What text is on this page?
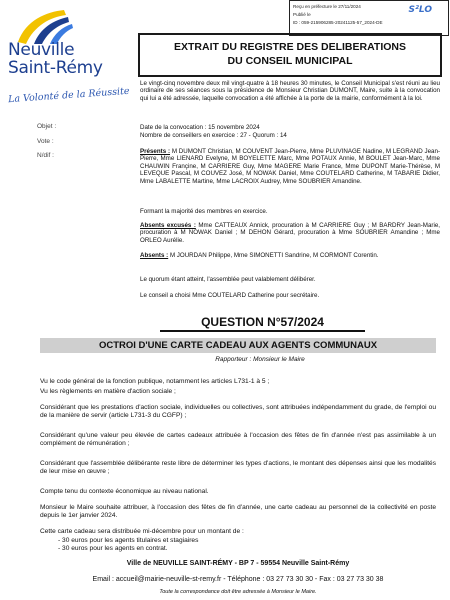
Reçu en préfecture le 27/11/2024
Publié le
ID : 059-215906285-20241125-57_2024-DE
S²LO
Neuville
Saint-Rémy
La Volonté de la Réussite
EXTRAIT DU REGISTRE DES DELIBERATIONS
DU CONSEIL MUNICIPAL
Objet :
Vote :
N/dif :
Le vingt-cinq novembre deux mil vingt-quatre à 18 heures 30 minutes, le Conseil Municipal s'est réuni au lieu ordinaire de ses séances sous la présidence de Monsieur Christian DUMONT, Maire, suite à la convocation qui lui a été adressée, laquelle convocation a été affichée à la porte de la mairie, conformément à la loi.
Date de la convocation : 15 novembre 2024
Nombre de conseillers en exercice : 27 - Quorum : 14
Présents : M DUMONT Christian, M COUVENT Jean-Pierre, Mme PLUVINAGE Nadine, M LEGRAND Jean-Pierre, Mme LIENARD Evelyne, M BOYELETTE Marc, Mme POTAUX Annie, M BOULET Jean-Marc, Mme CHAUWIN Françine, M CARRIERE Guy, Mme MAGERE Marie France, Mme DUPONT Marie-Thérèse, M LEVEQUE Pascal, M COUVEZ José, M NOWAK Daniel, Mme COUTELARD Catherine, M TABARIE Didier, Mme LABALETTE Martine, Mme LACROIX Audrey, Mme SOUBRIER Amandine.
Formant la majorité des membres en exercice.
Absents excusés : Mme CATTEAUX Annick, procuration à M CARRIERE Guy ; M BARDRY Jean-Marie, procuration à M NOWAK Daniel ; M DEHON Gérard, procuration à Mme SOUBRIER Amandine ; Mme ORLEO Aurélie.
Absents : M JOURDAN Philippe, Mme SIMONETTI Sandrine, M CORMONT Corentin.
Le quorum étant atteint, l'assemblée peut valablement délibérer.
Le conseil a choisi Mme COUTELARD Catherine pour secrétaire.
QUESTION N°57/2024
OCTROI D'UNE CARTE CADEAU AUX AGENTS COMMUNAUX
Rapporteur : Monsieur le Maire
Vu le code général de la fonction publique, notamment les articles L731-1 à 5 ;
Vu les règlements en matière d'action sociale ;
Considérant que les prestations d'action sociale, individuelles ou collectives, sont attribuées indépendamment du grade, de l'emploi ou de la manière de servir (article L731-3 du CGFP) ;
Considérant qu'une valeur peu élevée de cartes cadeaux attribuée à l'occasion des fêtes de fin d'année n'est pas assimilable à un complément de rémunération ;
Considérant que l'assemblée délibérante reste libre de déterminer les types d'actions, le montant des dépenses ainsi que les modalités de leur mise en œuvre ;
Compte tenu du contexte économique au niveau national.
Monsieur le Maire souhaite attribuer, à l'occasion des fêtes de fin d'année, une carte cadeau au personnel de la collectivité en poste depuis le 1er janvier 2024.
Cette carte cadeau sera distribuée mi-décembre pour un montant de :
- 30 euros pour les agents titulaires et stagiaires
- 30 euros pour les agents en contrat.
Ville de NEUVILLE SAINT-RÉMY - BP 7 - 59554 Neuville Saint-Rémy
Email : accueil@mairie-neuville-st-remy.fr - Téléphone : 03 27 73 30 30 - Fax : 03 27 73 30 38
Toute la correspondance doit être adressée à Monsieur le Maire.
